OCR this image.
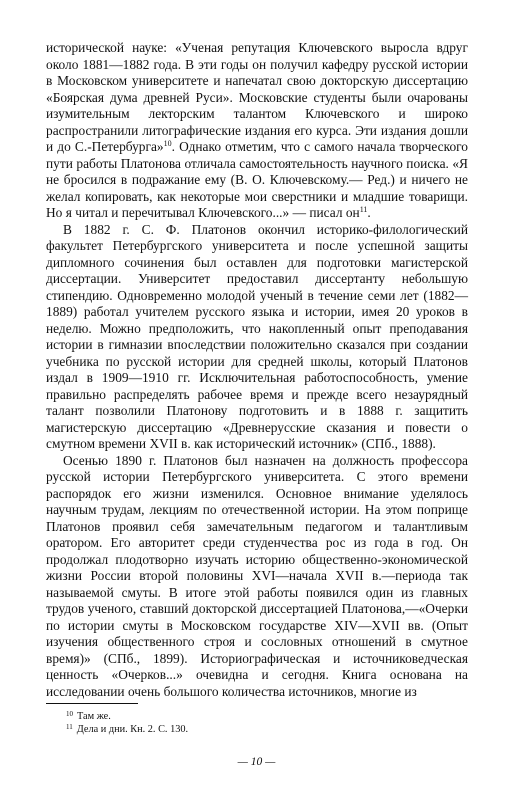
исторической науке: «Ученая репутация Ключевского выросла вдруг около 1881—1882 года. В эти годы он получил кафедру русской истории в Московском университете и напечатал свою докторскую диссертацию «Боярская дума древней Руси». Московские студенты были очарованы изумительным лекторским талантом Ключевского и широко распространили литографические издания его курса. Эти издания дошли и до С.-Петербурга»$^{10}$. Однако отметим, что с самого начала творческого пути работы Платонова отличала самостоятельность научного поиска. «Я не бросился в подражание ему (В. О. Ключевскому.— Ред.) и ничего не желал копировать, как некоторые мои сверстники и младшие товарищи. Но я читал и перечитывал Ключевского...» — писал $он^{11}$.

В 1882 г. С. Ф. Платонов окончил историко-филологический факультет Петербургского университета и после успешной защиты дипломного сочинения был оставлен для подготовки магистерской диссертации. Университет предоставил диссертанту небольшую стипендию. Одновременно молодой ученый в течение семи лет (1882—1889) работал учителем русского языка и истории, имея 20 уроков в неделю. Можно предположить, что накопленный опыт преподавания истории в гимназии впоследствии положительно сказался при создании учебника по русской истории для средней школы, который Платонов издал в 1909—1910 гг. Исключительная работоспособность, умение правильно распределять рабочее время и прежде всего незаурядный талант позволили Платонову подготовить и в 1888 г. защитить магистерскую диссертацию «Древнерусские сказания и повести о смутном времени XVII в. как исторический источник» (СПб., 1888).

Осенью 1890 г. Платонов был назначен на должность профессора русской истории Петербургского университета. С этого времени распорядок его жизни изменился. Основное внимание уделялось научным трудам, лекциям по отечественной истории. На этом поприще Платонов проявил себя замечательным педагогом и талантливым оратором. Его авторитет среди студенчества рос из года в год. Он продолжал плодотворно изучать историю общественно-экономической жизни России второй половины XVI—начала XVII в.—периода так называемой смуты. В итоге этой работы появился один из главных трудов ученого, ставший докторской диссертацией Платонова,—«Очерки по истории смуты в Московском государстве XIV—XVII вв. (Опыт изучения общественного строя и сословных отношений в смутное время)» (СПб., 1899). Историографическая и источниковедческая ценность «Очерков...» очевидна и сегодня. Книга основана на исследовании очень большого количества источников, многие из

$^{10}$ Там же.

$^{11}$ Дела и дни. Кн. 2. С. 130.

— 10 —
